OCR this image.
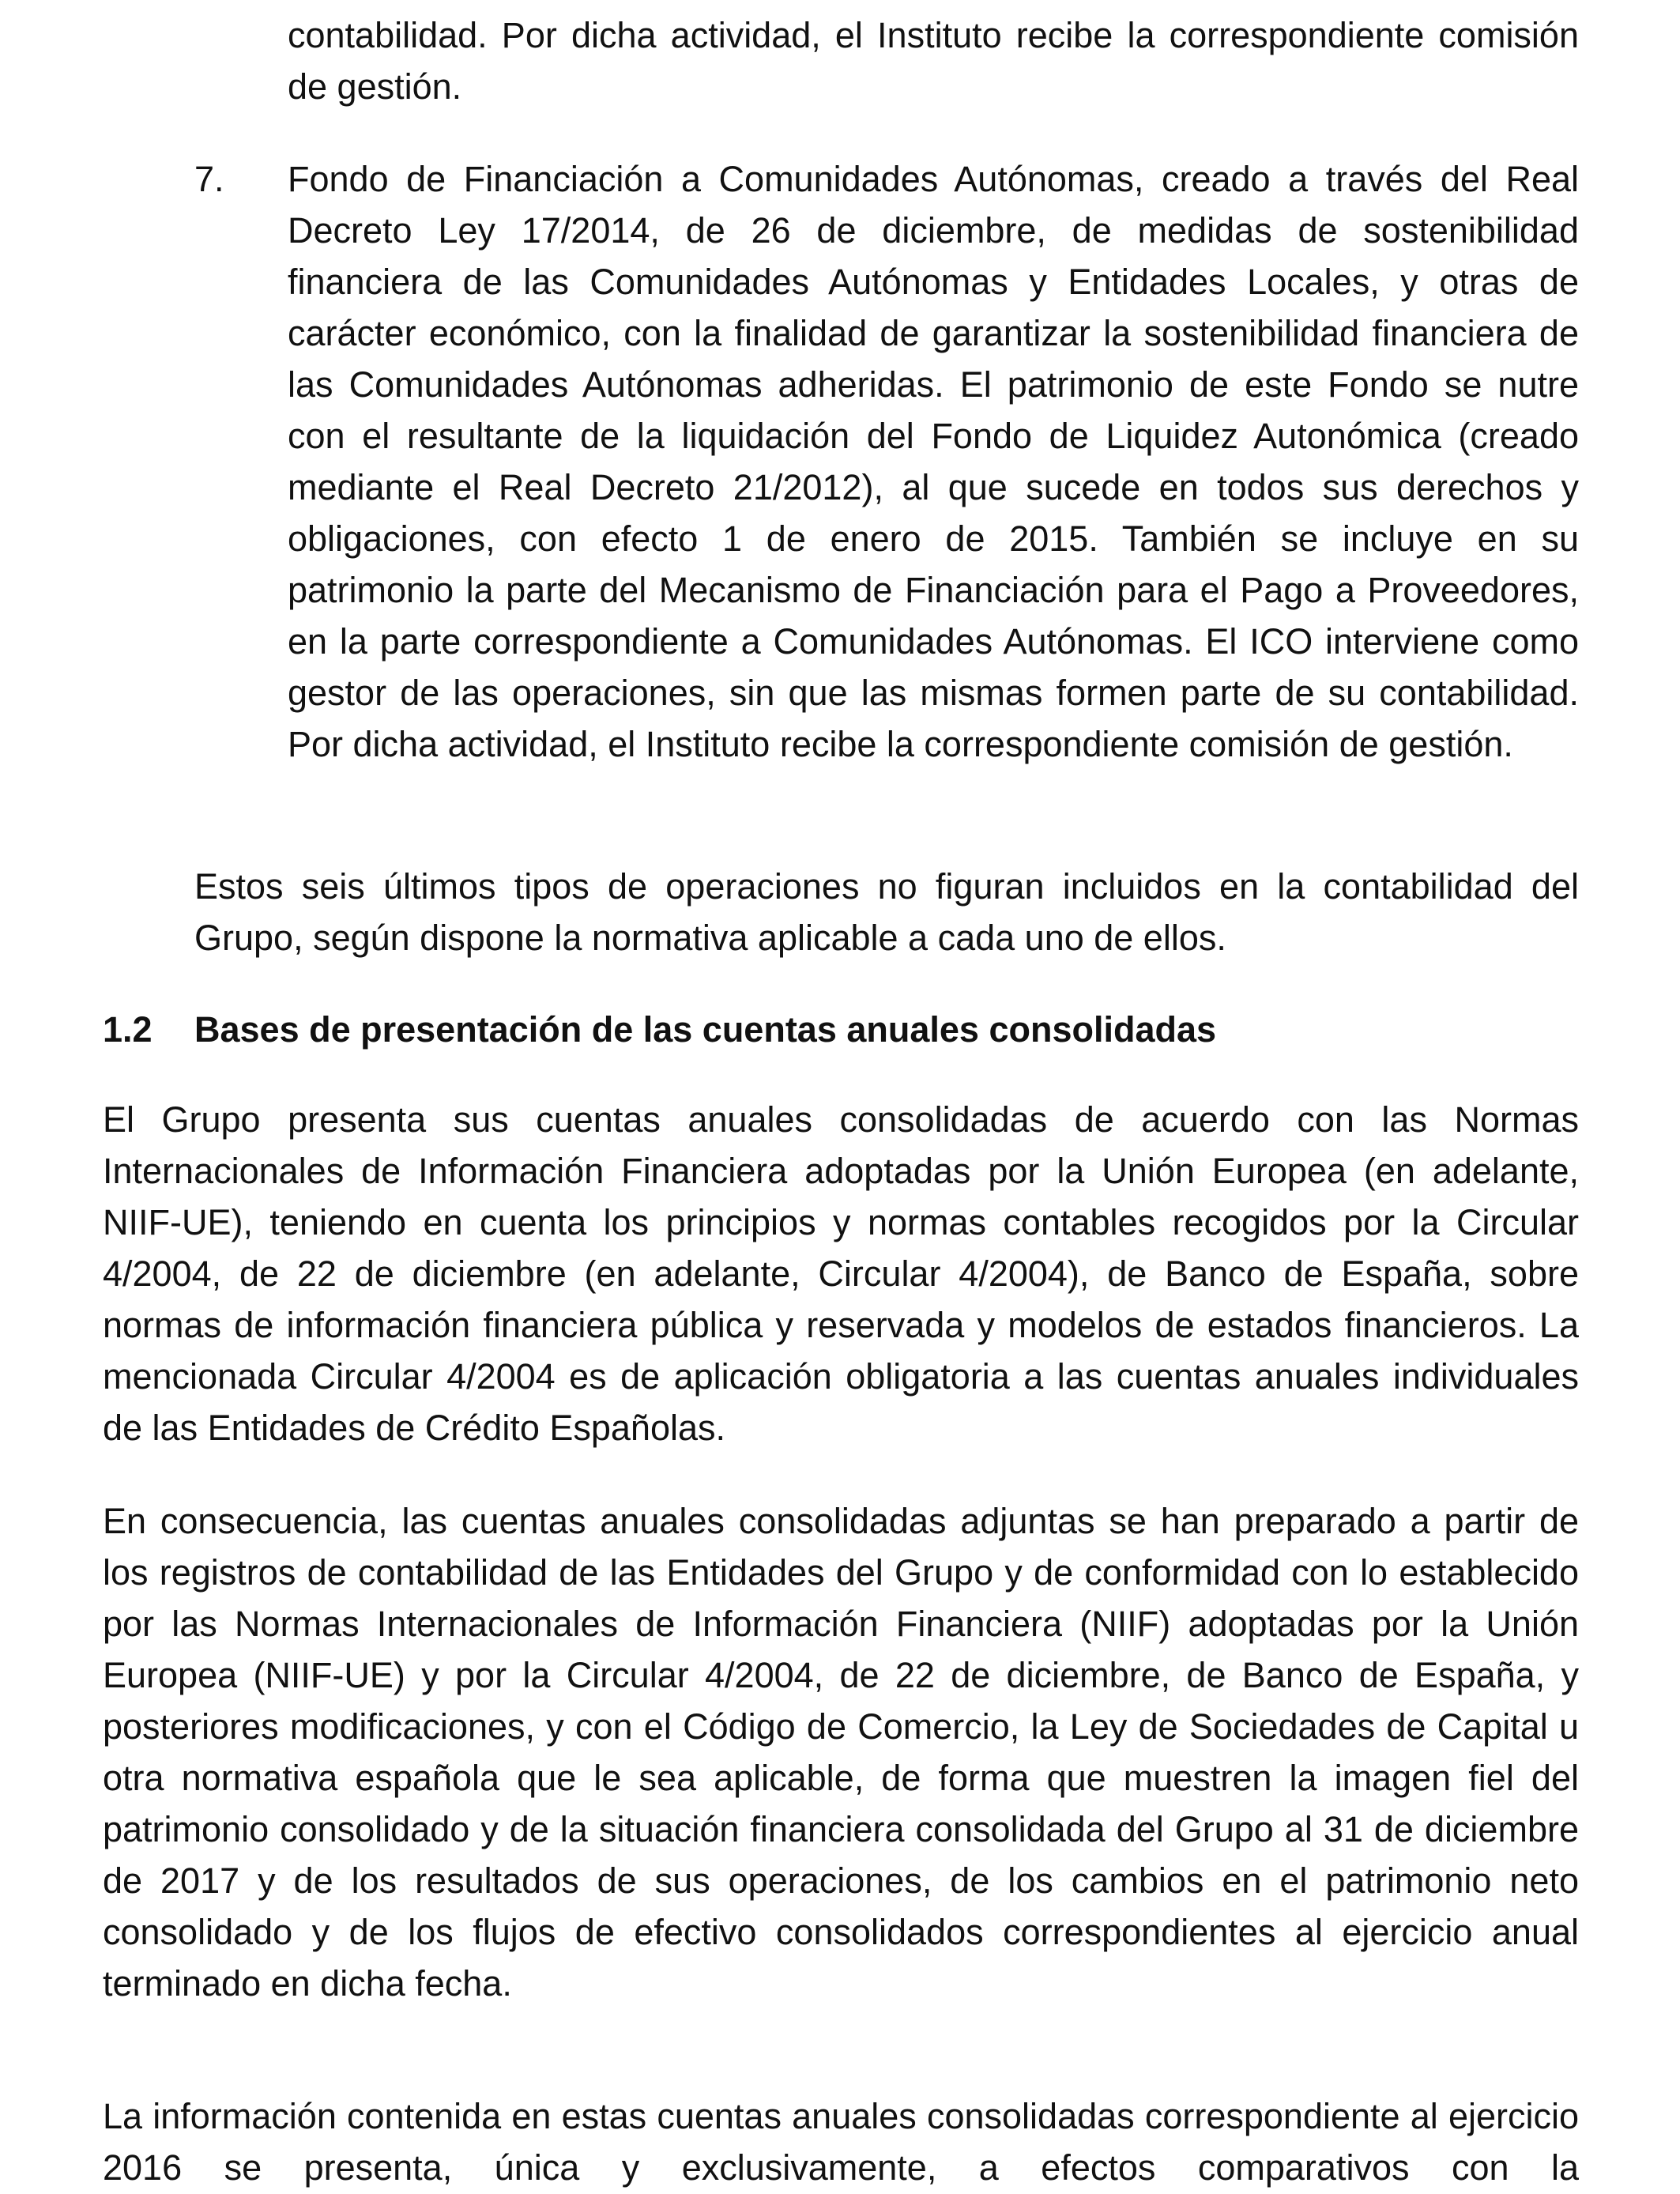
contabilidad. Por dicha actividad, el Instituto recibe la correspondiente comisión de gestión.

7. Fondo de Financiación a Comunidades Autónomas, creado a través del Real Decreto Ley 17/2014, de 26 de diciembre, de medidas de sostenibilidad financiera de las Comunidades Autónomas y Entidades Locales, y otras de carácter económico, con la finalidad de garantizar la sostenibilidad financiera de las Comunidades Autónomas adheridas. El patrimonio de este Fondo se nutre con el resultante de la liquidación del Fondo de Liquidez Autonómica (creado mediante el Real Decreto 21/2012), al que sucede en todos sus derechos y obligaciones, con efecto 1 de enero de 2015. También se incluye en su patrimonio la parte del Mecanismo de Financiación para el Pago a Proveedores, en la parte correspondiente a Comunidades Autónomas. El ICO interviene como gestor de las operaciones, sin que las mismas formen parte de su contabilidad. Por dicha actividad, el Instituto recibe la correspondiente comisión de gestión.

Estos seis últimos tipos de operaciones no figuran incluidos en la contabilidad del Grupo, según dispone la normativa aplicable a cada uno de ellos.

1.2 Bases de presentación de las cuentas anuales consolidadas

El Grupo presenta sus cuentas anuales consolidadas de acuerdo con las Normas Internacionales de Información Financiera adoptadas por la Unión Europea (en adelante, NIIF-UE), teniendo en cuenta los principios y normas contables recogidos por la Circular 4/2004, de 22 de diciembre (en adelante, Circular 4/2004), de Banco de España, sobre normas de información financiera pública y reservada y modelos de estados financieros. La mencionada Circular 4/2004 es de aplicación obligatoria a las cuentas anuales individuales de las Entidades de Crédito Españolas.

En consecuencia, las cuentas anuales consolidadas adjuntas se han preparado a partir de los registros de contabilidad de las Entidades del Grupo y de conformidad con lo establecido por las Normas Internacionales de Información Financiera (NIIF) adoptadas por la Unión Europea (NIIF-UE) y por la Circular 4/2004, de 22 de diciembre, de Banco de España, y posteriores modificaciones, y con el Código de Comercio, la Ley de Sociedades de Capital u otra normativa española que le sea aplicable, de forma que muestren la imagen fiel del patrimonio consolidado y de la situación financiera consolidada del Grupo al 31 de diciembre de 2017 y de los resultados de sus operaciones, de los cambios en el patrimonio neto consolidado y de los flujos de efectivo consolidados correspondientes al ejercicio anual terminado en dicha fecha.

La información contenida en estas cuentas anuales consolidadas correspondiente al ejercicio 2016 se presenta, única y exclusivamente, a efectos comparativos con la
